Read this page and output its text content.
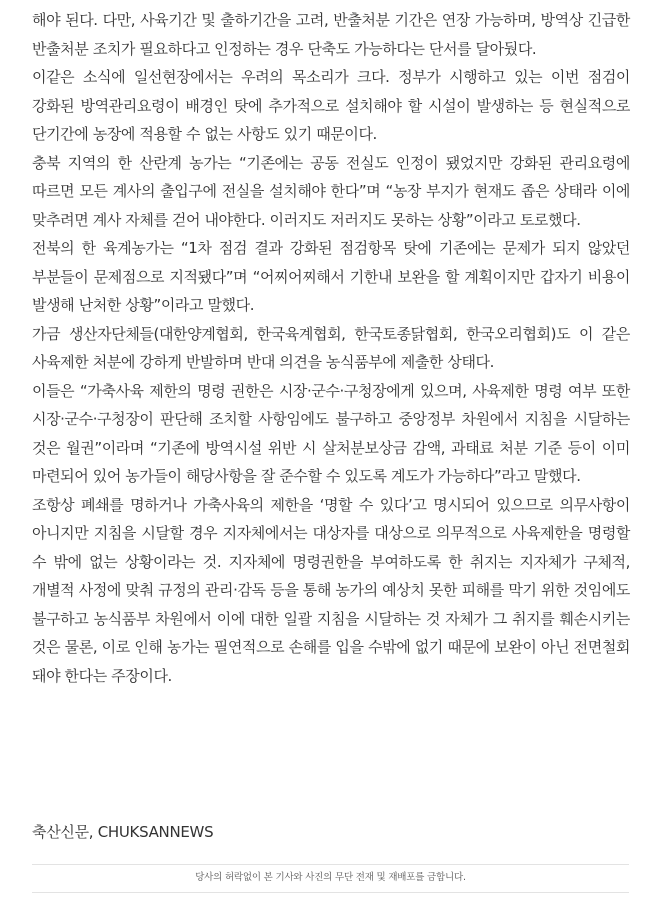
해야 된다. 다만, 사육기간 및 출하기간을 고려, 반출처분 기간은 연장 가능하며, 방역상 긴급한 반출처분 조치가 필요하다고 인정하는 경우 단축도 가능하다는 단서를 달아뒀다.

이같은 소식에 일선현장에서는 우려의 목소리가 크다. 정부가 시행하고 있는 이번 점검이 강화된 방역관리요령이 배경인 탓에 추가적으로 설치해야 할 시설이 발생하는 등 현실적으로 단기간에 농장에 적용할 수 없는 사항도 있기 때문이다.

충북 지역의 한 산란계 농가는 “기존에는 공동 전실도 인정이 됐었지만 강화된 관리요령에 따르면 모든 계사의 출입구에 전실을 설치해야 한다”며 “농장 부지가 현재도 좁은 상태라 이에 맞추려면 계사 자체를 걷어 내야한다. 이러지도 저러지도 못하는 상황”이라고 토로했다.

전북의 한 육계농가는 “1차 점검 결과 강화된 점검항목 탓에 기존에는 문제가 되지 않았던 부분들이 문제점으로 지적됐다”며 “어찌어찌해서 기한내 보완을 할 계획이지만 갑자기 비용이 발생해 난처한 상황”이라고 말했다.

가금 생산자단체들(대한양계협회, 한국육계협회, 한국토종닭협회, 한국오리협회)도 이 같은 사육제한 처분에 강하게 반발하며 반대 의견을 농식품부에 제출한 상태다.

이들은 “가축사육 제한의 명령 권한은 시장·군수·구청장에게 있으며, 사육제한 명령 여부 또한 시장·군수·구청장이 판단해 조치할 사항임에도 불구하고 중앙정부 차원에서 지침을 시달하는 것은 월권”이라며 “기존에 방역시설 위반 시 살처분보상금 감액, 과태료 처분 기준 등이 이미 마련되어 있어 농가들이 해당사항을 잘 준수할 수 있도록 계도가 가능하다”라고 말했다.

조항상 폐쇄를 명하거나 가축사육의 제한을 ‘명할 수 있다’고 명시되어 있으므로 의무사항이 아니지만 지침을 시달할 경우 지자체에서는 대상자를 대상으로 의무적으로 사육제한을 명령할 수 밖에 없는 상황이라는 것. 지자체에 명령권한을 부여하도록 한 취지는 지자체가 구체적, 개별적 사정에 맞춰 규정의 관리·감독 등을 통해 농가의 예상치 못한 피해를 막기 위한 것임에도 불구하고 농식품부 차원에서 이에 대한 일괄 지침을 시달하는 것 자체가 그 취지를 훼손시키는 것은 물론, 이로 인해 농가는 필연적으로 손해를 입을 수밖에 없기 때문에 보완이 아닌 전면철회 돼야 한다는 주장이다.

축산신문, CHUKSANNEWS
당사의 허락없이 본 기사와 사진의 무단 전재 및 재배포를 금합니다.
